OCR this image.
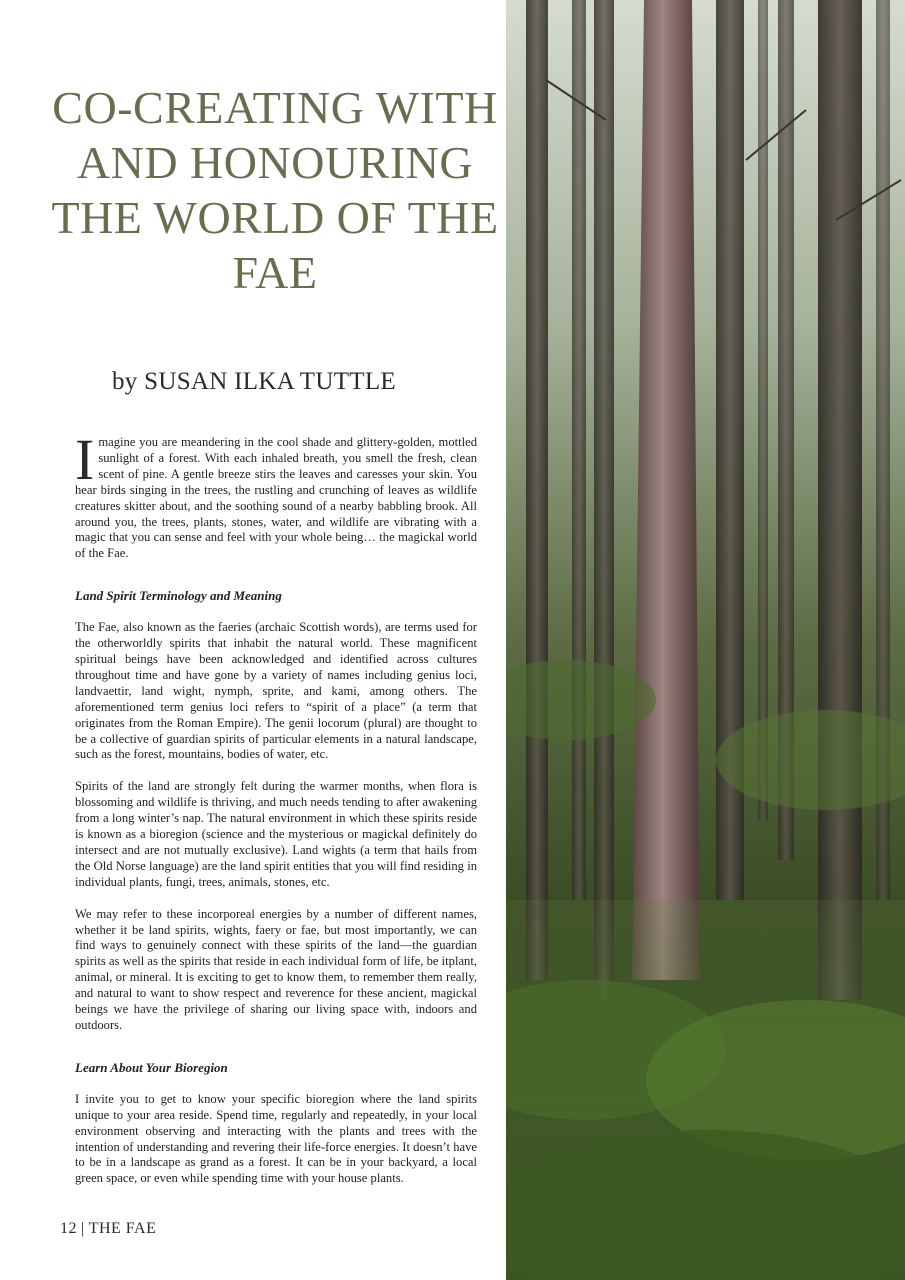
CO-CREATING WITH AND HONOURING THE WORLD OF THE FAE

by SUSAN ILKA TUTTLE

Imagine you are meandering in the cool shade and glittery-golden, mottled sunlight of a forest. With each inhaled breath, you smell the fresh, clean scent of pine. A gentle breeze stirs the leaves and caresses your skin. You hear birds singing in the trees, the rustling and crunching of leaves as wildlife creatures skitter about, and the soothing sound of a nearby babbling brook. All around you, the trees, plants, stones, water, and wildlife are vibrating with a magic that you can sense and feel with your whole being… the magickal world of the Fae.

Land Spirit Terminology and Meaning

The Fae, also known as the faeries (archaic Scottish words), are terms used for the otherworldly spirits that inhabit the natural world. These magnificent spiritual beings have been acknowledged and identified across cultures throughout time and have gone by a variety of names including genius loci, landvaettir, land wight, nymph, sprite, and kami, among others. The aforementioned term genius loci refers to “spirit of a place” (a term that originates from the Roman Empire). The genii locorum (plural) are thought to be a collective of guardian spirits of particular elements in a natural landscape, such as the forest, mountains, bodies of water, etc.

Spirits of the land are strongly felt during the warmer months, when flora is blossoming and wildlife is thriving, and much needs tending to after awakening from a long winter’s nap. The natural environment in which these spirits reside is known as a bioregion (science and the mysterious or magickal definitely do intersect and are not mutually exclusive). Land wights (a term that hails from the Old Norse language) are the land spirit entities that you will find residing in individual plants, fungi, trees, animals, stones, etc.

We may refer to these incorporeal energies by a number of different names, whether it be land spirits, wights, faery or fae, but most importantly, we can find ways to genuinely connect with these spirits of the land—the guardian spirits as well as the spirits that reside in each individual form of life, be itplant, animal, or mineral. It is exciting to get to know them, to remember them really, and natural to want to show respect and reverence for these ancient, magickal beings we have the privilege of sharing our living space with, indoors and outdoors.

Learn About Your Bioregion

I invite you to get to know your specific bioregion where the land spirits unique to your area reside. Spend time, regularly and repeatedly, in your local environment observing and interacting with the plants and trees with the intention of understanding and revering their life-force energies. It doesn’t have to be in a landscape as grand as a forest. It can be in your backyard, a local green space, or even while spending time with your house plants.

12 | THE FAE
